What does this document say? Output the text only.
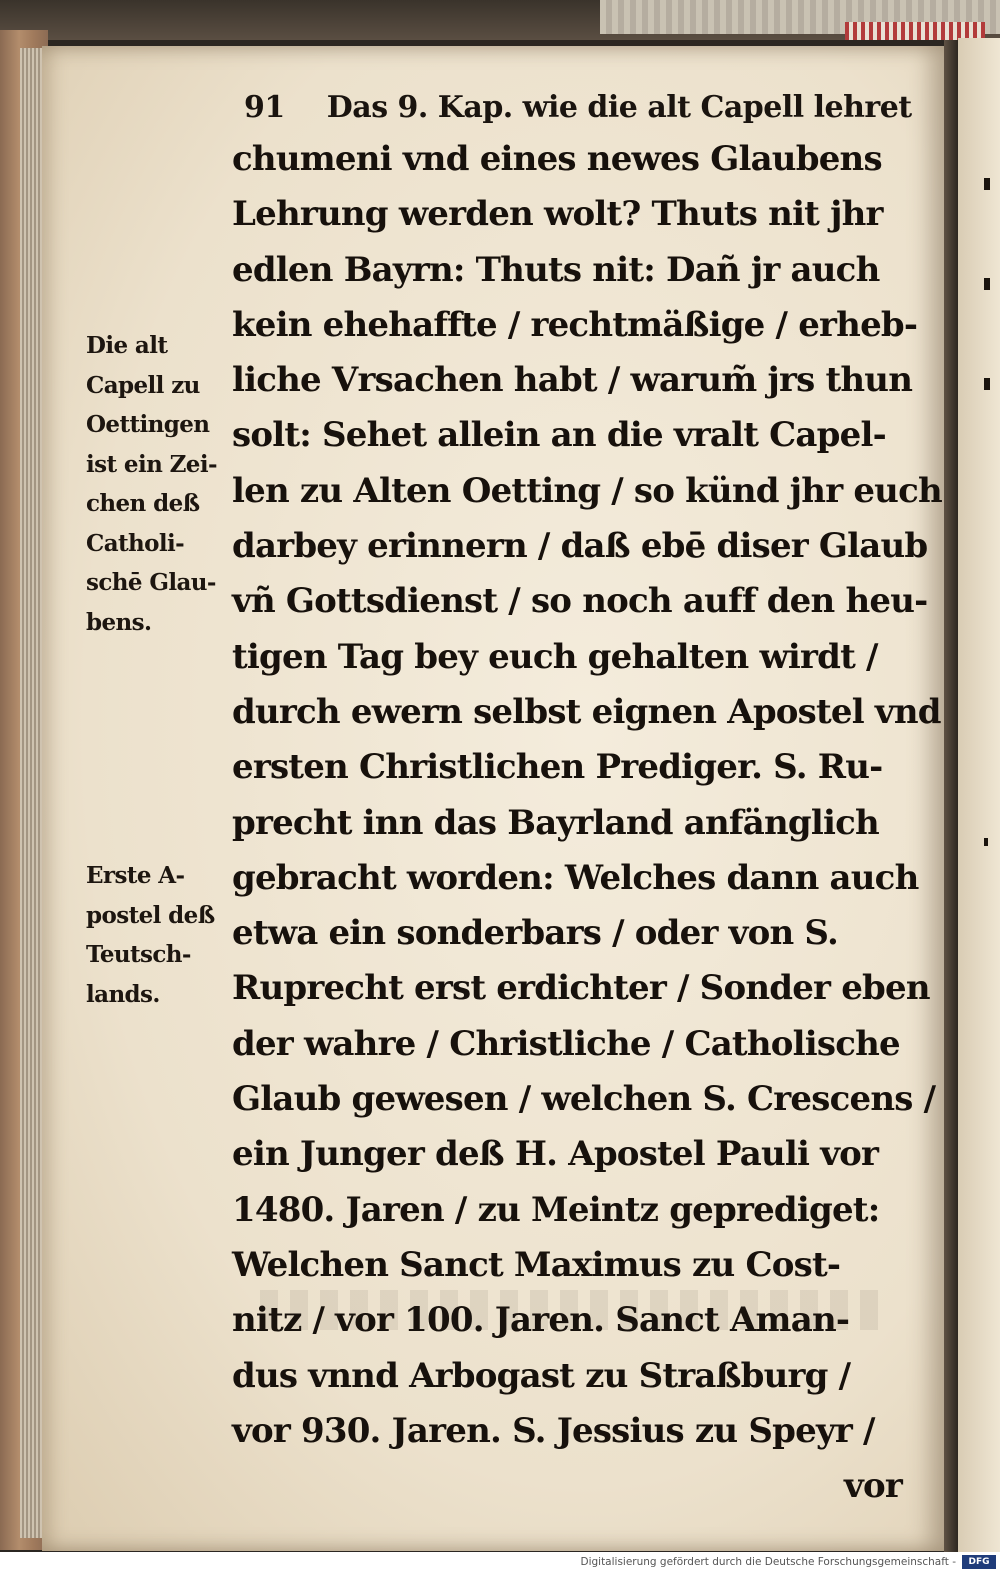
91 Das 9. Kap. wie die alt Capell lehret
chumeni vnd eines newes Glaubens
Lehrung werden wolt? Thuts nit jhr
edlen Bayrn: Thuts nit: Dañ jr auch
kein ehehaffte / rechtmäßige / erheb-
liche Vrsachen habt / warum̃ jrs thun
solt: Sehet allein an die vralt Capel-
len zu Alten Oetting / so künd jhr euch
darbey erinnern / daß ebē diser Glaub
vñ Gottsdienst / so noch auff den heu-
tigen Tag bey euch gehalten wirdt /
durch ewern selbst eignen Apostel vnd
ersten Christlichen Prediger. S. Ru-
precht inn das Bayrland anfänglich
gebracht worden: Welches dann auch
etwa ein sonderbars / oder von S.
Ruprecht erst erdichter / Sonder eben
der wahre / Christliche / Catholische
Glaub gewesen / welchen S. Crescens /
ein Junger deß H. Apostel Pauli vor
1480. Jaren / zu Meintz geprediget:
Welchen Sanct Maximus zu Cost-
nitz / vor 100. Jaren. Sanct Aman-
dus vnnd Arbogast zu Straßburg /
vor 930. Jaren. S. Jessius zu Speyr /
vor
Die alt
Capell zu
Oettingen
ist ein Zei-
chen deß
Catholi-
schē Glau-
bens.
Erste A-
postel deß
Teutsch-
lands.
Digitalisierung gefördert durch die Deutsche Forschungsgemeinschaft -	DFG
